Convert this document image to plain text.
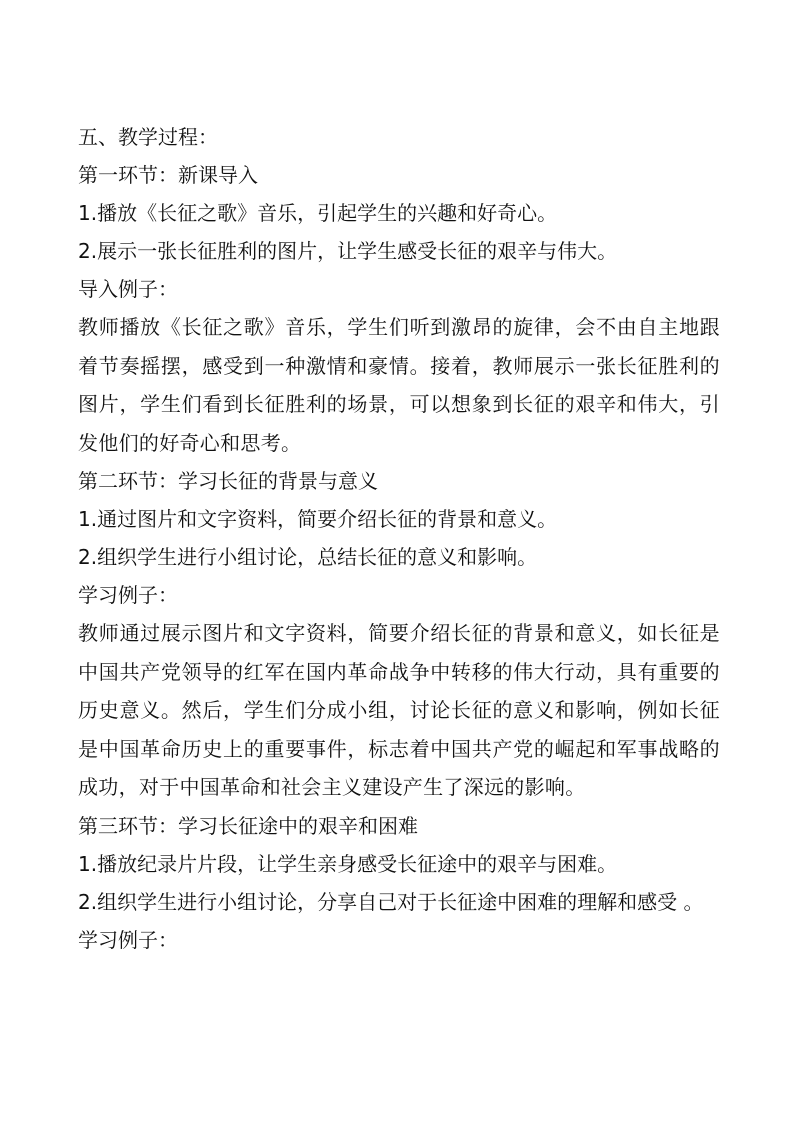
五、教学过程：

第一环节：新课导入

1.播放《长征之歌》音乐，引起学生的兴趣和好奇心。

2.展示一张长征胜利的图片，让学生感受长征的艰辛与伟大。

导入例子：

教师播放《长征之歌》音乐，学生们听到激昂的旋律，会不由自主地跟着节奏摇摆，感受到一种激情和豪情。接着，教师展示一张长征胜利的图片，学生们看到长征胜利的场景，可以想象到长征的艰辛和伟大，引发他们的好奇心和思考。

第二环节：学习长征的背景与意义

1.通过图片和文字资料，简要介绍长征的背景和意义。

2.组织学生进行小组讨论，总结长征的意义和影响。

学习例子：

教师通过展示图片和文字资料，简要介绍长征的背景和意义，如长征是中国共产党领导的红军在国内革命战争中转移的伟大行动，具有重要的历史意义。然后，学生们分成小组，讨论长征的意义和影响，例如长征是中国革命历史上的重要事件，标志着中国共产党的崛起和军事战略的成功，对于中国革命和社会主义建设产生了深远的影响。

第三环节：学习长征途中的艰辛和困难

1.播放纪录片片段，让学生亲身感受长征途中的艰辛与困难。

2.组织学生进行小组讨论，分享自己对于长征途中困难的理解和感受 。

学习例子：
